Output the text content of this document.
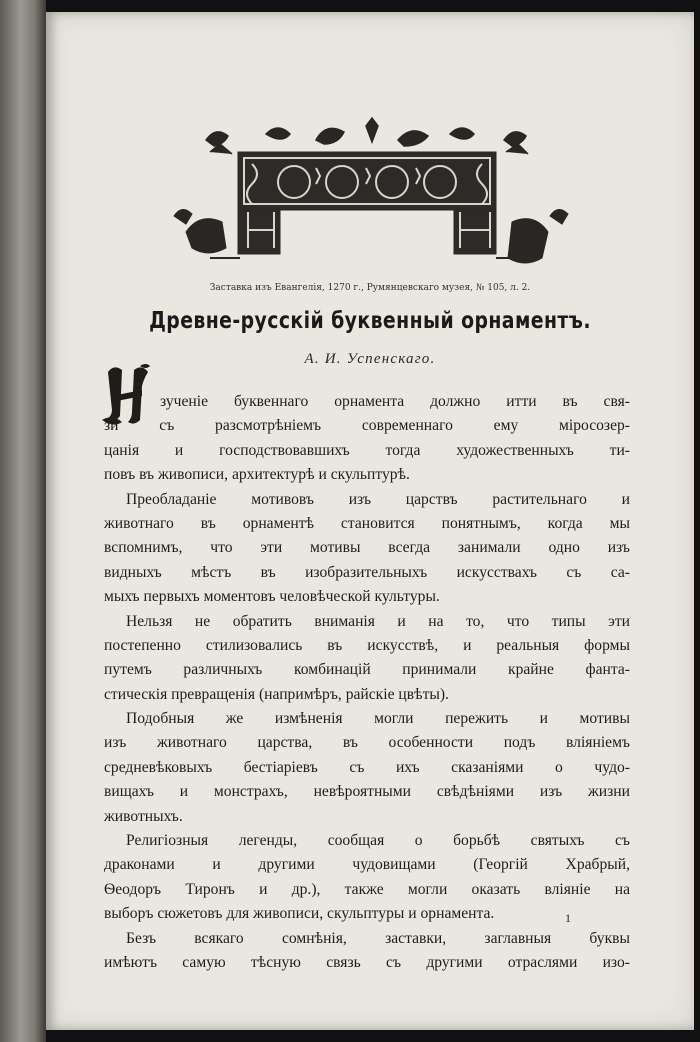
Заставка изъ Евангелія, 1270 г., Румянцевскаго музея, № 105, л. 2.
Древне-русскій буквенный орнаментъ.
А. И. Успенскаго.
зученіе буквеннаго орнамента должно итти въ свя-
зи съ разсмотрѣніемъ современнаго ему міросозер-
цанія и господствовавшихъ тогда художественныхъ ти-
повъ въ живописи, архитектурѣ и скульптурѣ.
Преобладаніе мотивовъ изъ царствъ растительнаго и
животнаго въ орнаментѣ становится понятнымъ, когда мы
вспомнимъ, что эти мотивы всегда занимали одно изъ
видныхъ мѣстъ въ изобразительныхъ искусствахъ съ са-
мыхъ первыхъ моментовъ человѣческой культуры.
Нельзя не обратить вниманія и на то, что типы эти
постепенно стилизовались въ искусствѣ, и реальныя формы
путемъ различныхъ комбинацій принимали крайне фанта-
стическія превращенія (напримѣръ, райскіе цвѣты).
Подобныя же измѣненія могли пережить и мотивы
изъ животнаго царства, въ особенности подъ вліяніемъ
средневѣковыхъ бестіаріевъ съ ихъ сказаніями о чудо-
вищахъ и монстрахъ, невѣроятными свѣдѣніями изъ жизни
животныхъ.
Религіозныя легенды, сообщая о борьбѣ святыхъ съ
драконами и другими чудовищами (Георгій Храбрый,
Ѳеодоръ Тиронъ и др.), также могли оказать вліяніе на
выборъ сюжетовъ для живописи, скульптуры и орнамента.
Безъ всякаго сомнѣнія, заставки, заглавныя буквы
имѣютъ самую тѣсную связь съ другими отраслями изо-
1
